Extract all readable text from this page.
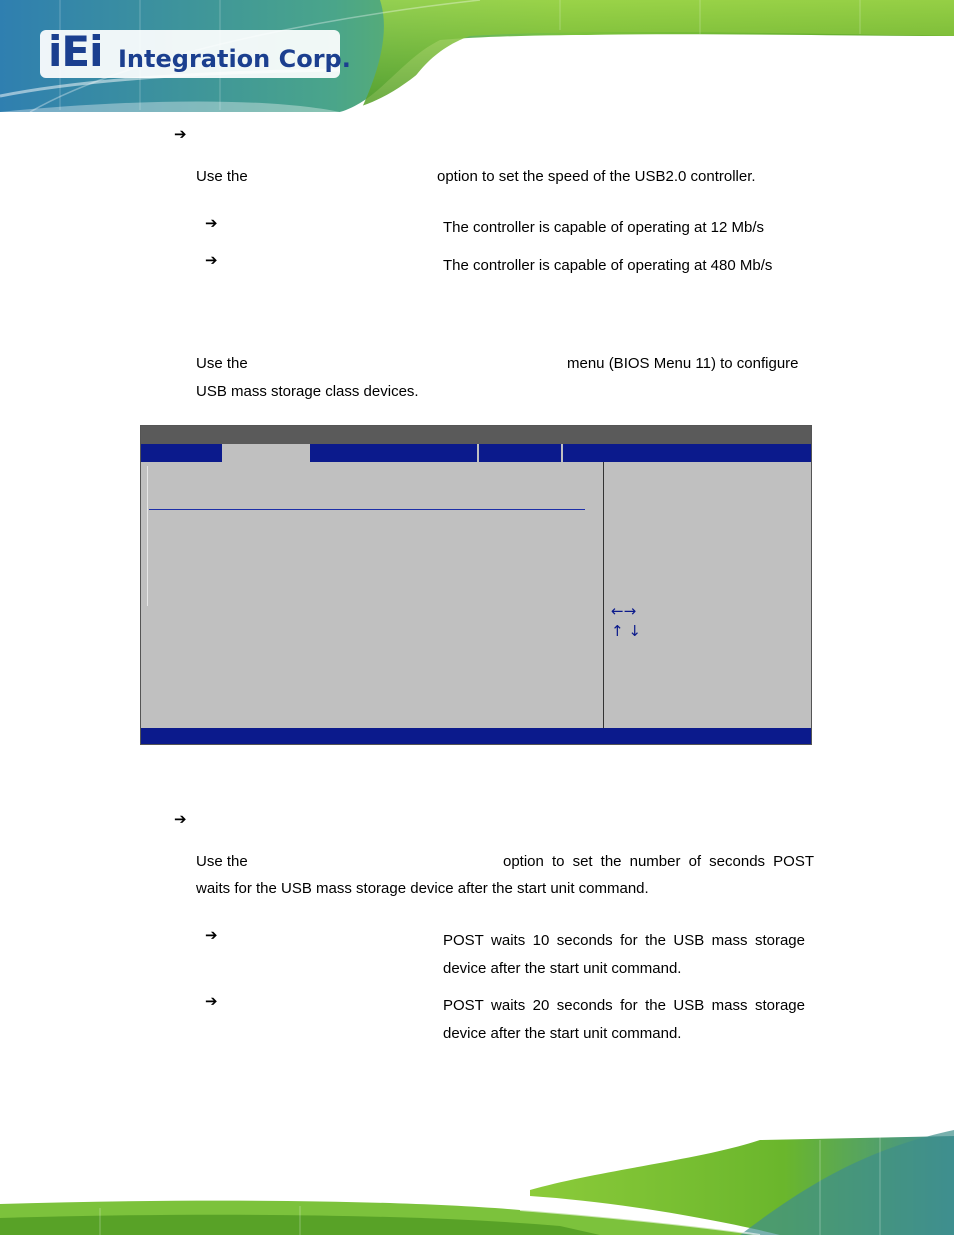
iEi Integration Corp.
➔
Use the	option to set the speed of the USB2.0 controller.
➔	The controller is capable of operating at 12 Mb/s
➔	The controller is capable of operating at 480 Mb/s
Use the	menu (BIOS Menu 11) to configure
USB mass storage class devices.
←→
↑ ↓
➔
Use the	option to set the number of seconds POST
waits for the USB mass storage device after the start unit command.
➔	POST waits 10 seconds for the USB mass storage
device after the start unit command.
➔	POST waits 20 seconds for the USB mass storage
device after the start unit command.
